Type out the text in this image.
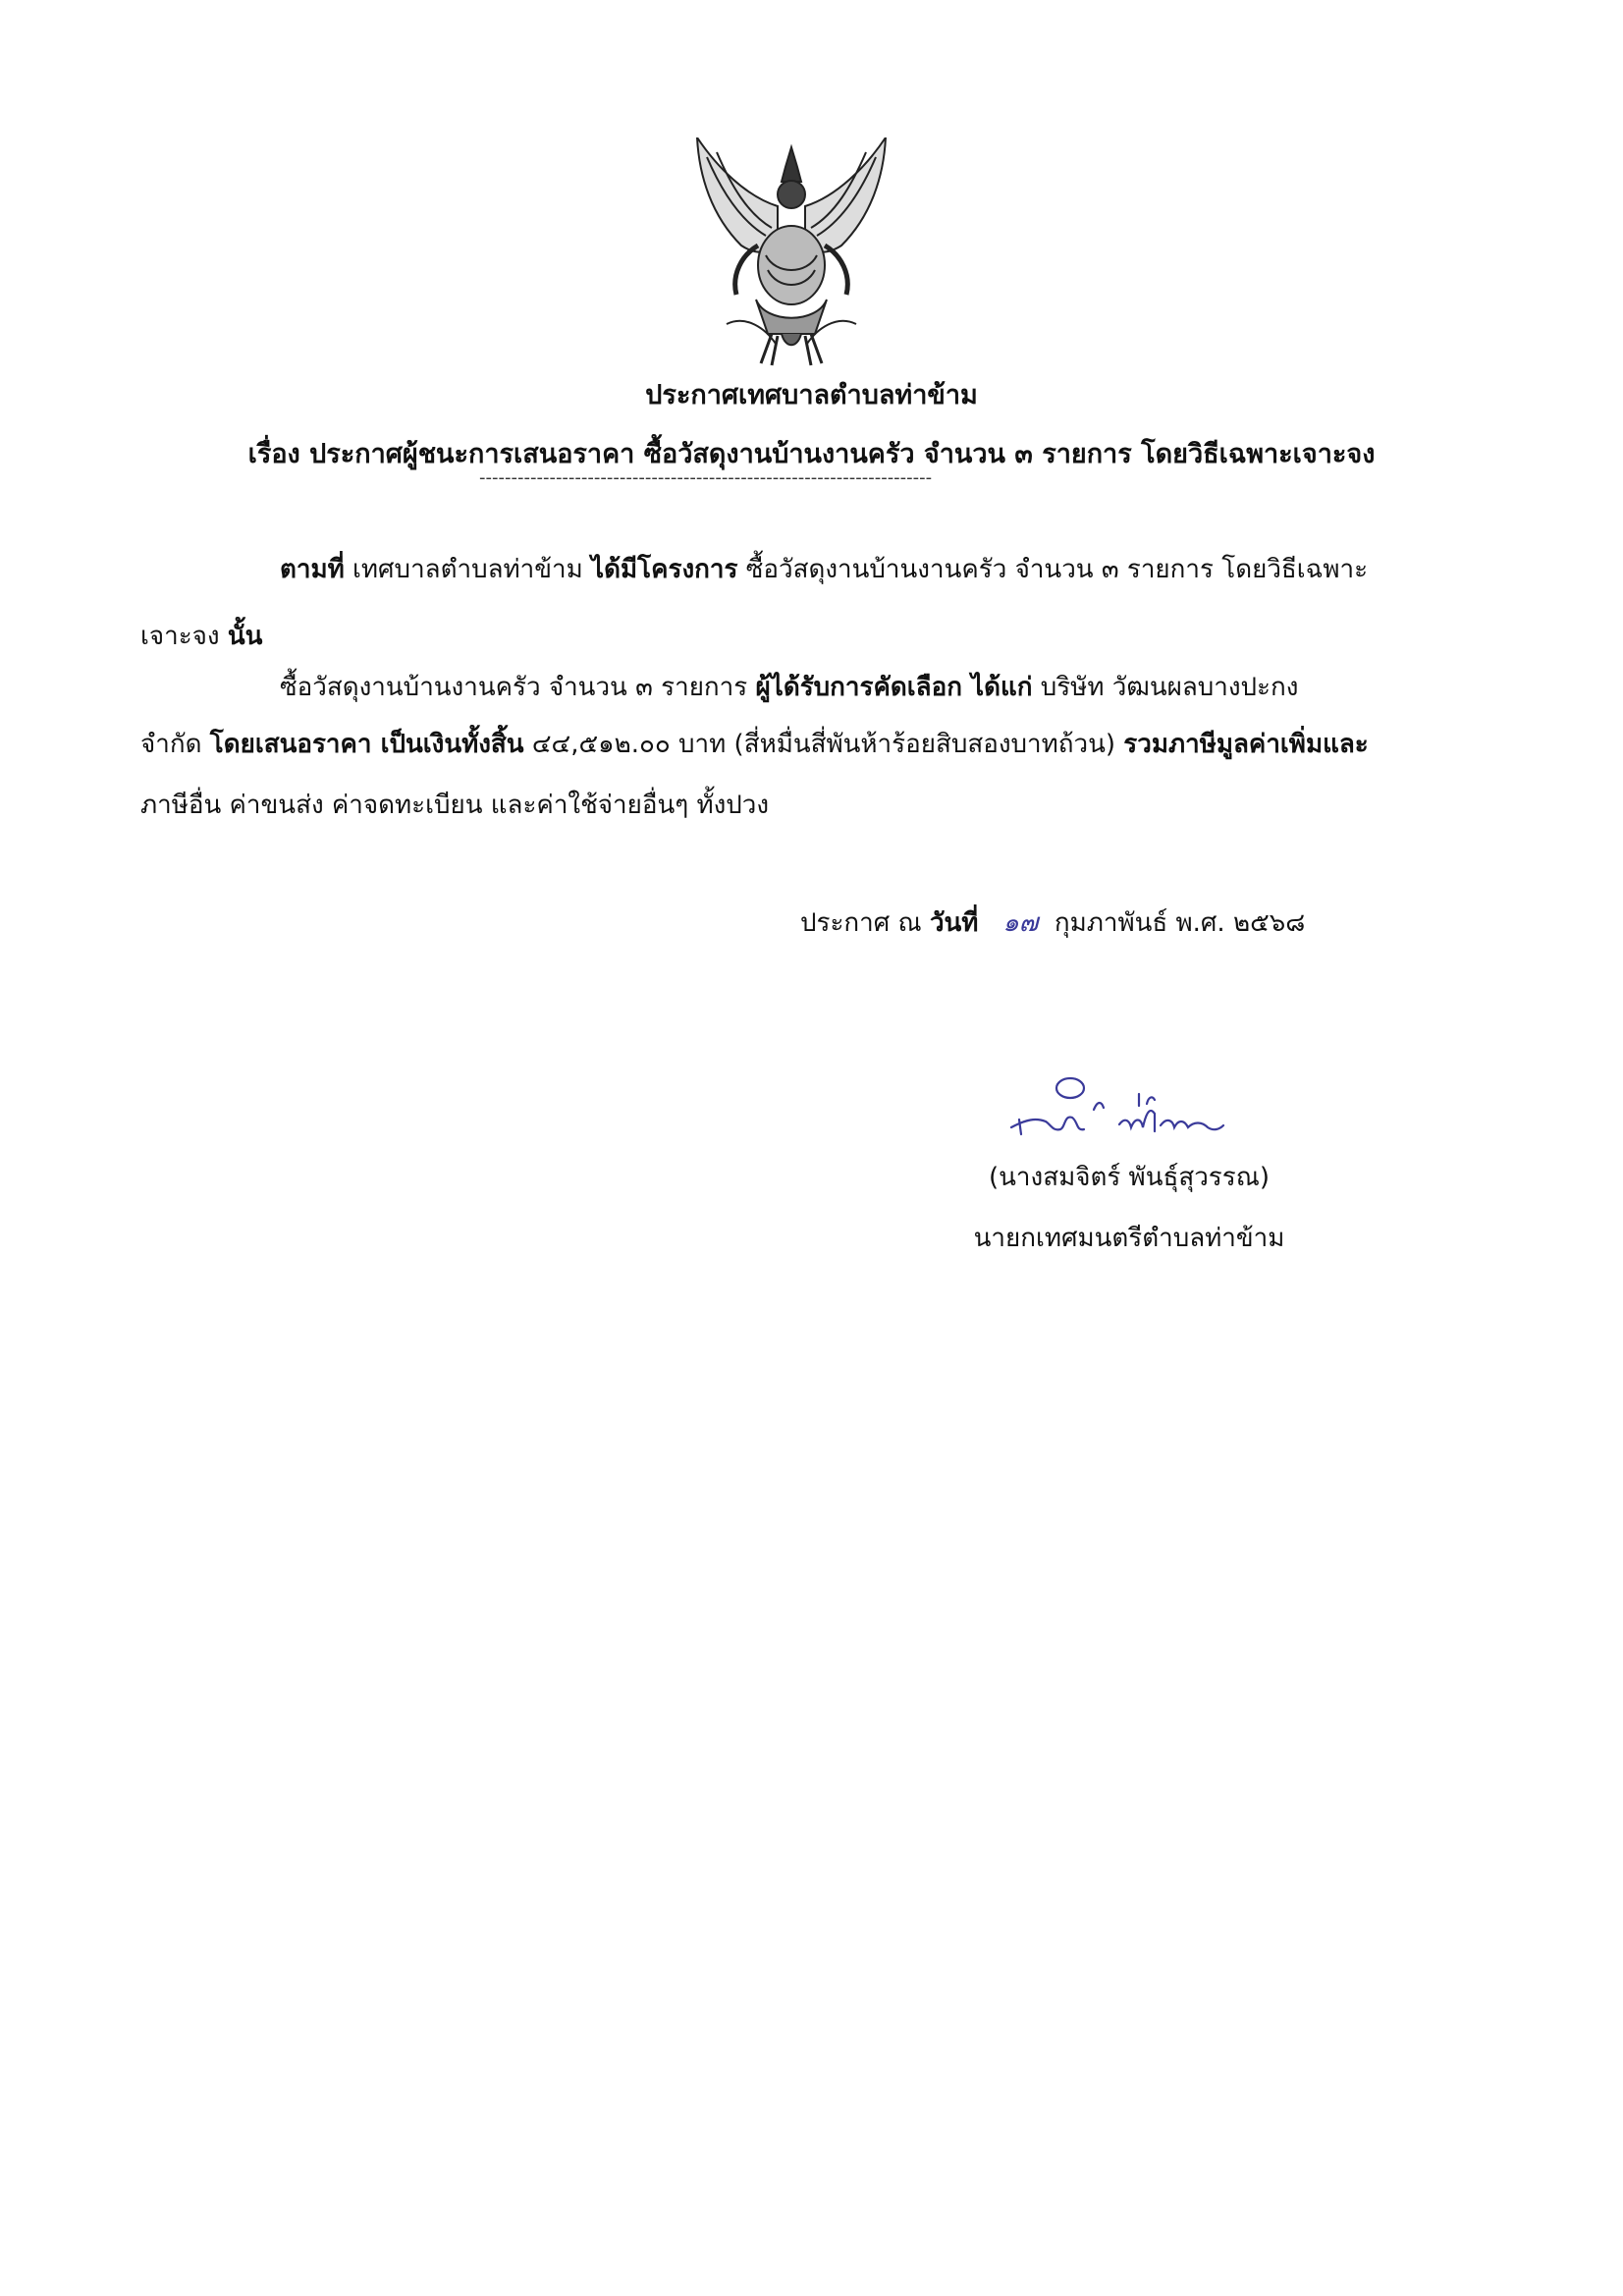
ประกาศเทศบาลตำบลท่าข้าม
เรื่อง ประกาศผู้ชนะการเสนอราคา ซื้อวัสดุงานบ้านงานครัว จำนวน ๓ รายการ โดยวิธีเฉพาะเจาะจง
-----------------------------------------------------------------------
ตามที่ เทศบาลตำบลท่าข้าม ได้มีโครงการ ซื้อวัสดุงานบ้านงานครัว จำนวน ๓ รายการ โดยวิธีเฉพาะ
เจาะจง นั้น
ซื้อวัสดุงานบ้านงานครัว จำนวน ๓ รายการ ผู้ได้รับการคัดเลือก ได้แก่ บริษัท วัฒนผลบางปะกง
จำกัด โดยเสนอราคา เป็นเงินทั้งสิ้น ๔๔,๕๑๒.๐๐ บาท (สี่หมื่นสี่พันห้าร้อยสิบสองบาทถ้วน) รวมภาษีมูลค่าเพิ่มและ
ภาษีอื่น ค่าขนส่ง ค่าจดทะเบียน และค่าใช้จ่ายอื่นๆ ทั้งปวง
ประกาศ ณ วันที่ ๑๗ กุมภาพันธ์ พ.ศ. ๒๕๖๘
(นางสมจิตร์ พันธุ์สุวรรณ)
นายกเทศมนตรีตำบลท่าข้าม
